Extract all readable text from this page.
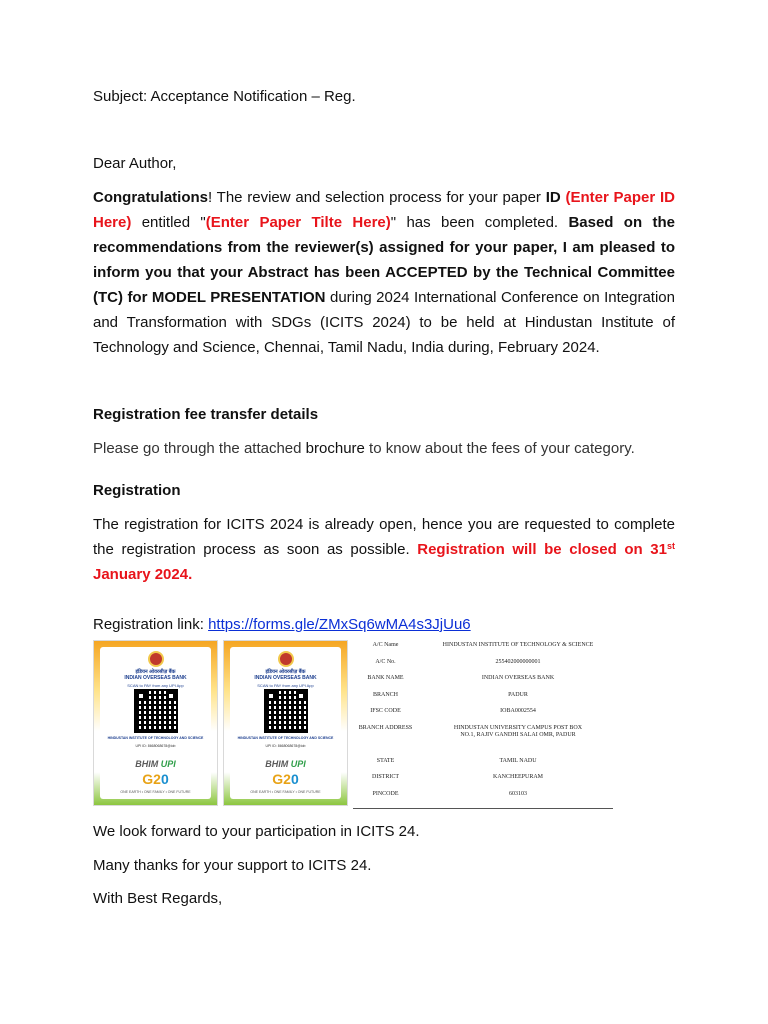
Subject: Acceptance Notification – Reg.

Dear Author,

Congratulations! The review and selection process for your paper ID (Enter Paper ID Here) entitled "(Enter Paper Tilte Here)" has been completed. Based on the recommendations from the reviewer(s) assigned for your paper, I am pleased to inform you that your Abstract has been ACCEPTED by the Technical Committee (TC) for MODEL PRESENTATION during 2024 International Conference on Integration and Transformation with SDGs (ICITS 2024) to be held at Hindustan Institute of Technology and Science, Chennai, Tamil Nadu, India during, February 2024.

Registration fee transfer details

Please go through the attached brochure to know about the fees of your category.

Registration

The registration for ICITS 2024 is already open, hence you are requested to complete the registration process as soon as possible. Registration will be closed on 31st January 2024.

Registration link: https://forms.gle/ZMxSq6wMA4s3JjUu6

We look forward to your participation in ICITS 24.

Many thanks for your support to ICITS 24.

With Best Regards,

इंडियन ओवरसीज़ बैंक
INDIAN OVERSEAS BANK
SCAN to PAY from any UPI App
HINDUSTAN INSTITUTE OF TECHNOLOGY AND SCIENCE
UPI ID: 8668068678@iob
BHIM UPI
G20
ONE EARTH • ONE FAMILY • ONE FUTURE
इंडियन ओवरसीज़ बैंक
INDIAN OVERSEAS BANK
SCAN to PAY from any UPI App
HINDUSTAN INSTITUTE OF TECHNOLOGY AND SCIENCE
UPI ID: 8668068678@iob
BHIM UPI
G20
ONE EARTH • ONE FAMILY • ONE FUTURE
A/C Name	HINDUSTAN INSTITUTE OF TECHNOLOGY & SCIENCE
A/C No.	255402000000001
BANK NAME	INDIAN OVERSEAS BANK
BRANCH	PADUR
IFSC CODE	IOBA0002554
BRANCH ADDRESS	HINDUSTAN UNIVERSITY CAMPUS POST BOX NO.1, RAJIV GANDHI SALAI OMR, PADUR
STATE	TAMIL NADU
DISTRICT	KANCHEEPURAM
PINCODE	603103
